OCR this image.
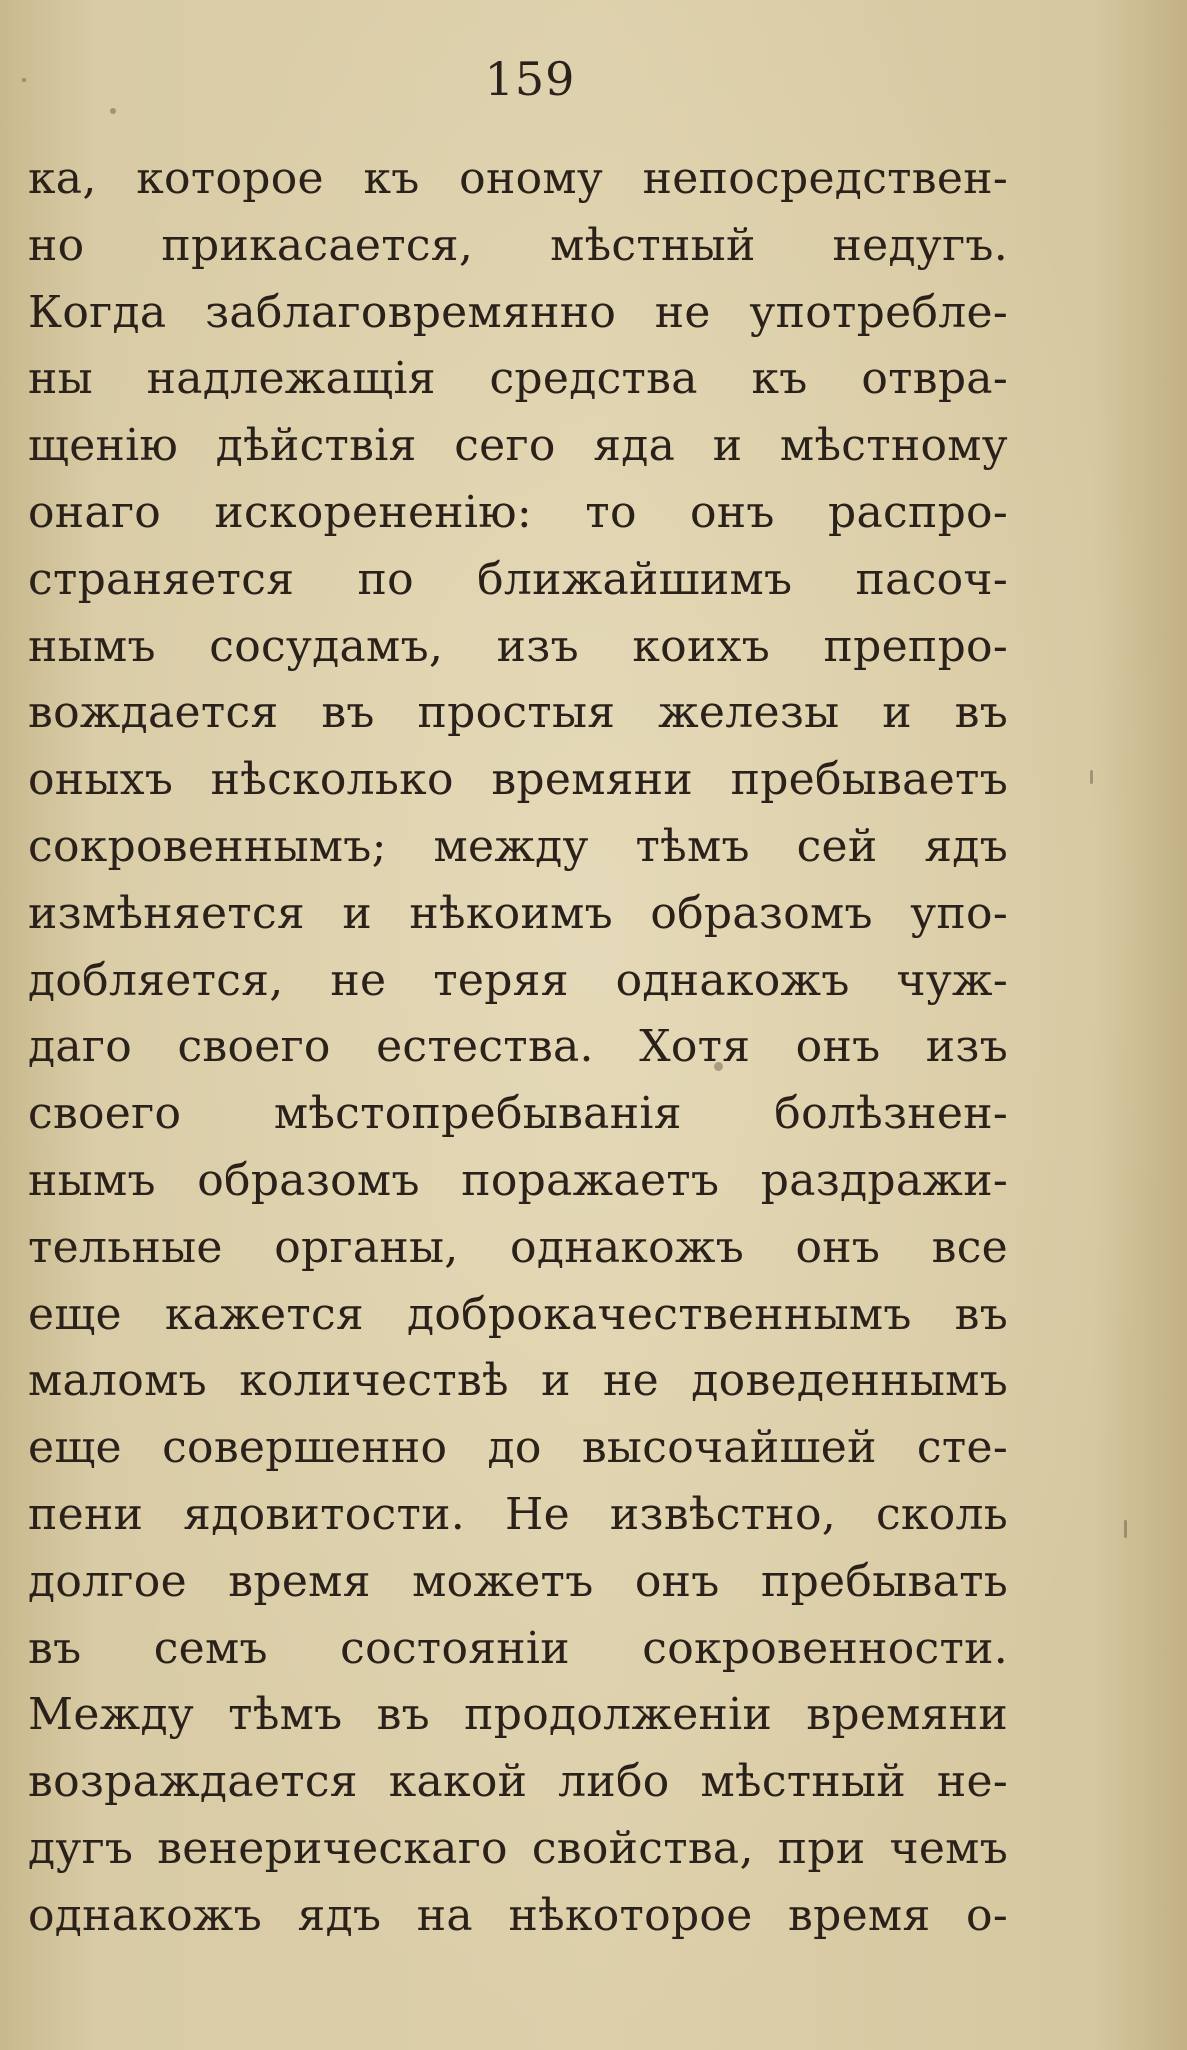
159
ка, которое къ оному непосредствен-
но прикасается, мѣстный недугъ.
Когда заблаговремянно не употребле-
ны надлежащія средства къ отвра-
щенію дѣйствія сего яда и мѣстному
онаго искорененію: то онъ распро-
страняется по ближайшимъ пасоч-
нымъ сосудамъ, изъ коихъ препро-
вождается въ простыя железы и въ
оныхъ нѣсколько времяни пребываетъ
сокровеннымъ; между тѣмъ сей ядъ
измѣняется и нѣкоимъ образомъ упо-
добляется, не теряя однакожъ чуж-
даго своего естества. Хотя онъ изъ
своего мѣстопребыванія болѣзнен-
нымъ образомъ поражаетъ раздражи-
тельные органы, однакожъ онъ все
еще кажется доброкачественнымъ въ
маломъ количествѣ и не доведеннымъ
еще совершенно до высочайшей сте-
пени ядовитости. Не извѣстно, сколь
долгое время можетъ онъ пребывать
въ семъ состояніи сокровенности.
Между тѣмъ въ продолженіи времяни
возраждается какой либо мѣстный не-
дугъ венерическаго свойства, при чемъ
однакожъ ядъ на нѣкоторое время о-
